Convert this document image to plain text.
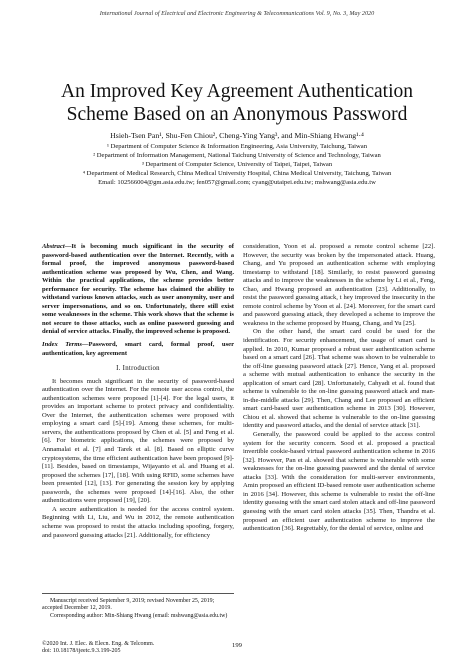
International Journal of Electrical and Electronic Engineering & Telecommunications Vol. 9, No. 3, May 2020
An Improved Key Agreement Authentication
Scheme Based on an Anonymous Password
Hsieh-Tsen Pan¹, Shu-Fen Chiou², Cheng-Ying Yang³, and Min-Shiang Hwang¹·⁴
¹ Department of Computer Science & Information Engineering, Asia University, Taichung, Taiwan
² Department of Information Management, National Taichung University of Science and Technology, Taiwan
³ Department of Computer Science, University of Taipei, Taipei, Taiwan
⁴ Department of Medical Research, China Medical University Hospital, China Medical University, Taichung, Taiwan
Email: 102566004@gm.asia.edu.tw; fen057@gmail.com; cyang@utaipei.edu.tw; mshwang@asia.edu.tw

Abstract—It is becoming much significant in the security of password-based authentication over the Internet. Recently, with a formal proof, the improved anonymous password-based authentication scheme was proposed by Wu, Chen, and Wang. Within the practical applications, the scheme provides better performance for security. The scheme has claimed the ability to withstand various known attacks, such as user anonymity, user and server impersonations, and so on. Unfortunately, there still exist some weaknesses in the scheme. This work shows that the scheme is not secure to those attacks, such as online password guessing and denial of service attacks. Finally, the improved scheme is proposed.

Index Terms—Password, smart card, formal proof, user authentication, key agreement

I. Introduction

It becomes much significant in the security of password-based authentication over the Internet. For the remote user access control, the authentication schemes were proposed [1]-[4]. For the legal users, it provides an important scheme to protect privacy and confidentiality. Over the Internet, the authentication schemes were proposed with employing a smart card [5]-[19]. Among these schemes, for multi-servers, the authentications proposed by Chen et al. [5] and Feng et al. [6]. For biometric applications, the schemes were proposed by Annamalai et al. [7] and Tarek et al. [8]. Based on elliptic curve cryptosystems, the time efficient authentication have been proposed [9]-[11]. Besides, based on timestamps, Wijayanto et al. and Huang et al. proposed the schemes [17], [18]. With using RFID, some schemes have been presented [12], [13]. For generating the session key by applying passwords, the schemes were proposed [14]-[16]. Also, the other authentications were proposed [19], [20].

A secure authentication is needed for the access control system. Beginning with Li, Liu, and Wu in 2012, the remote authentication scheme was proposed to resist the attacks including spoofing, forgery, and password guessing attacks [21]. Additionally, for efficiency

consideration, Yoon et al. proposed a remote control scheme [22]. However, the security was broken by the impersonated attack. Huang, Chang, and Yu proposed an authentication scheme with employing timestamp to withstand [18]. Similarly, to resist password guessing attacks and to improve the weaknesses in the scheme by Li et al., Feng, Chao, and Hwang proposed an authentication [23]. Additionally, to resist the password guessing attack, t hey improved the insecurity in the remote control scheme by Yoon et al. [24]. Moreover, for the smart card and password guessing attack, they developed a scheme to improve the weakness in the scheme proposed by Huang, Chang, and Yu [25].

On the other hand, the smart card could be used for the identification. For security enhancement, the usage of smart card is applied. In 2010, Kumar proposed a robust user authentication scheme based on a smart card [26]. That scheme was shown to be vulnerable to the off-line guessing password attack [27]. Hence, Yang et al. proposed a scheme with mutual authentication to enhance the security in the application of smart card [28]. Unfortunately, Cahyadi et al. found that scheme is vulnerable to the on-line guessing password attack and man-in-the-middle attacks [29]. Then, Chang and Lee proposed an efficient smart card-based user authentication scheme in 2013 [30]. However, Chiou et al. showed that scheme is vulnerable to the on-line guessing identity and password attacks, and the denial of service attack [31].

Generally, the password could be applied to the access control system for the security concern. Sood et al. proposed a practical invertible cookie-based virtual password authentication scheme in 2016 [32]. However, Pan et al. showed that scheme is vulnerable with some weaknesses for the on-line guessing password and the denial of service attacks [33]. With the consideration for multi-server environments, Amin proposed an efficient ID-based remote user authentication scheme in 2016 [34]. However, this scheme is vulnerable to resist the off-line identity guessing with the smart card stolen attack and off-line password guessing with the smart card stolen attacks [35]. Then, Thandra et al. proposed an efficient user authentication scheme to improve the authentication [36]. Regrettably, for the denial of service, online and

Manuscript received September 9, 2019; revised November 25, 2019; accepted December 12, 2019.

Corresponding author: Min-Shiang Hwang (email: mshwang@asia.edu.tw)

©2020 Int. J. Elec. & Elecn. Eng. & Telcomm.
doi: 10.18178/ijeetc.9.3.199-205
199
